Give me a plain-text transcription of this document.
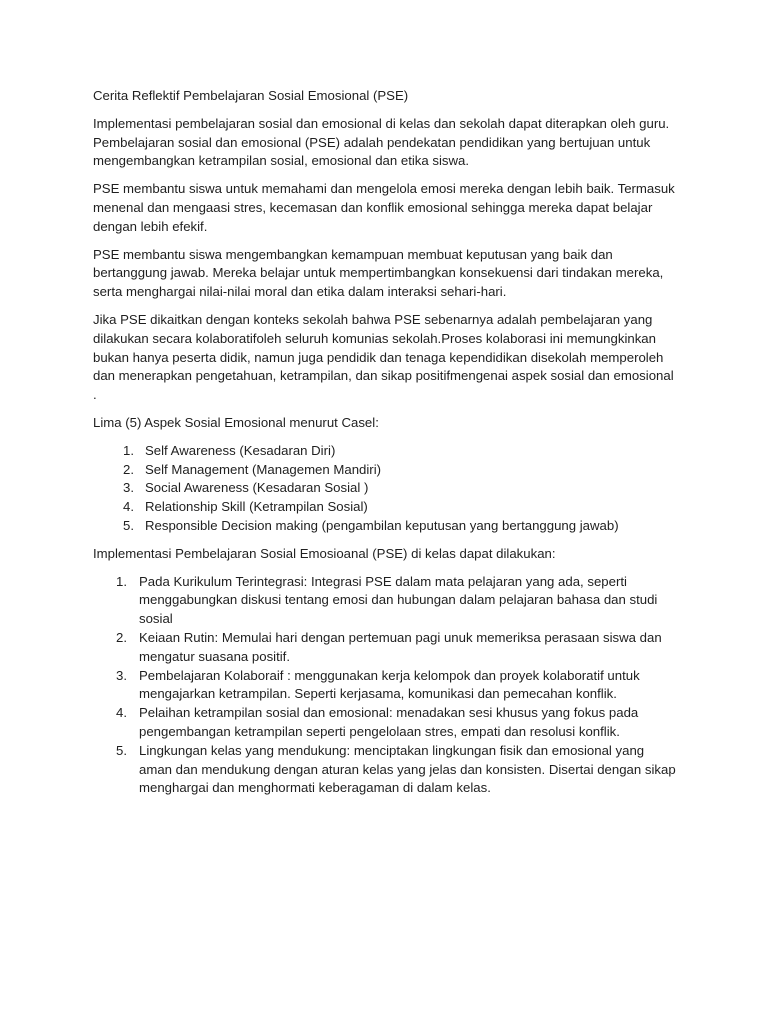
Cerita Reflektif Pembelajaran Sosial Emosional (PSE)

Implementasi pembelajaran sosial dan emosional di kelas dan sekolah dapat diterapkan oleh guru. Pembelajaran sosial dan emosional (PSE) adalah pendekatan pendidikan yang bertujuan untuk mengembangkan ketrampilan sosial, emosional dan etika siswa.

PSE membantu siswa untuk memahami dan mengelola emosi mereka dengan lebih baik. Termasuk menenal dan mengaasi stres, kecemasan dan konflik emosional sehingga mereka dapat belajar dengan lebih efekif.

PSE membantu siswa mengembangkan kemampuan membuat keputusan yang baik dan bertanggung jawab. Mereka belajar untuk mempertimbangkan konsekuensi dari tindakan mereka, serta menghargai nilai-nilai moral dan etika dalam interaksi sehari-hari.

Jika PSE dikaitkan dengan konteks sekolah bahwa PSE sebenarnya adalah pembelajaran yang dilakukan secara kolaboratifoleh seluruh komunias sekolah.Proses kolaborasi ini memungkinkan bukan hanya peserta didik, namun juga pendidik dan tenaga kependidikan disekolah memperoleh dan menerapkan pengetahuan, ketrampilan, dan sikap positifmengenai aspek sosial dan emosional .

Lima (5) Aspek Sosial Emosional menurut Casel:

1. Self Awareness (Kesadaran Diri)
2. Self Management (Managemen Mandiri)
3. Social Awareness (Kesadaran Sosial )
4. Relationship Skill (Ketrampilan Sosial)
5. Responsible Decision making (pengambilan keputusan yang bertanggung jawab)

Implementasi Pembelajaran Sosial Emosioanal (PSE) di kelas dapat dilakukan:

1. Pada Kurikulum Terintegrasi: Integrasi PSE dalam mata pelajaran yang ada, seperti menggabungkan diskusi tentang emosi dan hubungan dalam pelajaran bahasa dan studi sosial
2. Keiaan Rutin: Memulai hari dengan pertemuan pagi unuk memeriksa perasaan siswa dan mengatur suasana positif.
3. Pembelajaran Kolaboraif : menggunakan kerja kelompok dan proyek kolaboratif untuk mengajarkan ketrampilan. Seperti kerjasama, komunikasi dan pemecahan konflik.
4. Pelaihan ketrampilan sosial dan emosional: menadakan sesi khusus yang fokus pada pengembangan ketrampilan seperti pengelolaan stres, empati dan resolusi konflik.
5. Lingkungan kelas yang mendukung: menciptakan lingkungan fisik dan emosional yang aman dan mendukung dengan aturan kelas yang jelas dan konsisten. Disertai dengan sikap menghargai dan menghormati keberagaman di dalam kelas.
